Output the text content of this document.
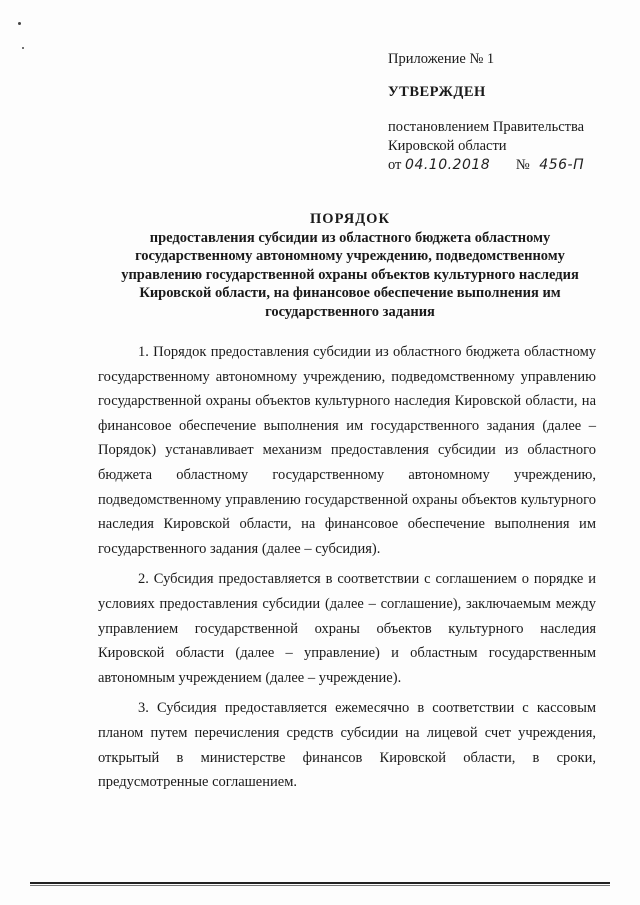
Приложение № 1
УТВЕРЖДЕН
постановлением Правительства
Кировской области
от 04.10.2018 № 456-П
ПОРЯДОК
предоставления субсидии из областного бюджета областному государственному автономному учреждению, подведомственному управлению государственной охраны объектов культурного наследия Кировской области, на финансовое обеспечение выполнения им государственного задания

1. Порядок предоставления субсидии из областного бюджета областному государственному автономному учреждению, подведомственному управлению государственной охраны объектов культурного наследия Кировской области, на финансовое обеспечение выполнения им государственного задания (далее – Порядок) устанавливает механизм предоставления субсидии из областного бюджета областному государственному автономному учреждению, подведомственному управлению государственной охраны объектов культурного наследия Кировской области, на финансовое обеспечение выполнения им государственного задания (далее – субсидия).

2. Субсидия предоставляется в соответствии с соглашением о порядке и условиях предоставления субсидии (далее – соглашение), заключаемым между управлением государственной охраны объектов культурного наследия Кировской области (далее – управление) и областным государственным автономным учреждением (далее – учреждение).

3. Субсидия предоставляется ежемесячно в соответствии с кассовым планом путем перечисления средств субсидии на лицевой счет учреждения, открытый в министерстве финансов Кировской области, в сроки, предусмотренные соглашением.
